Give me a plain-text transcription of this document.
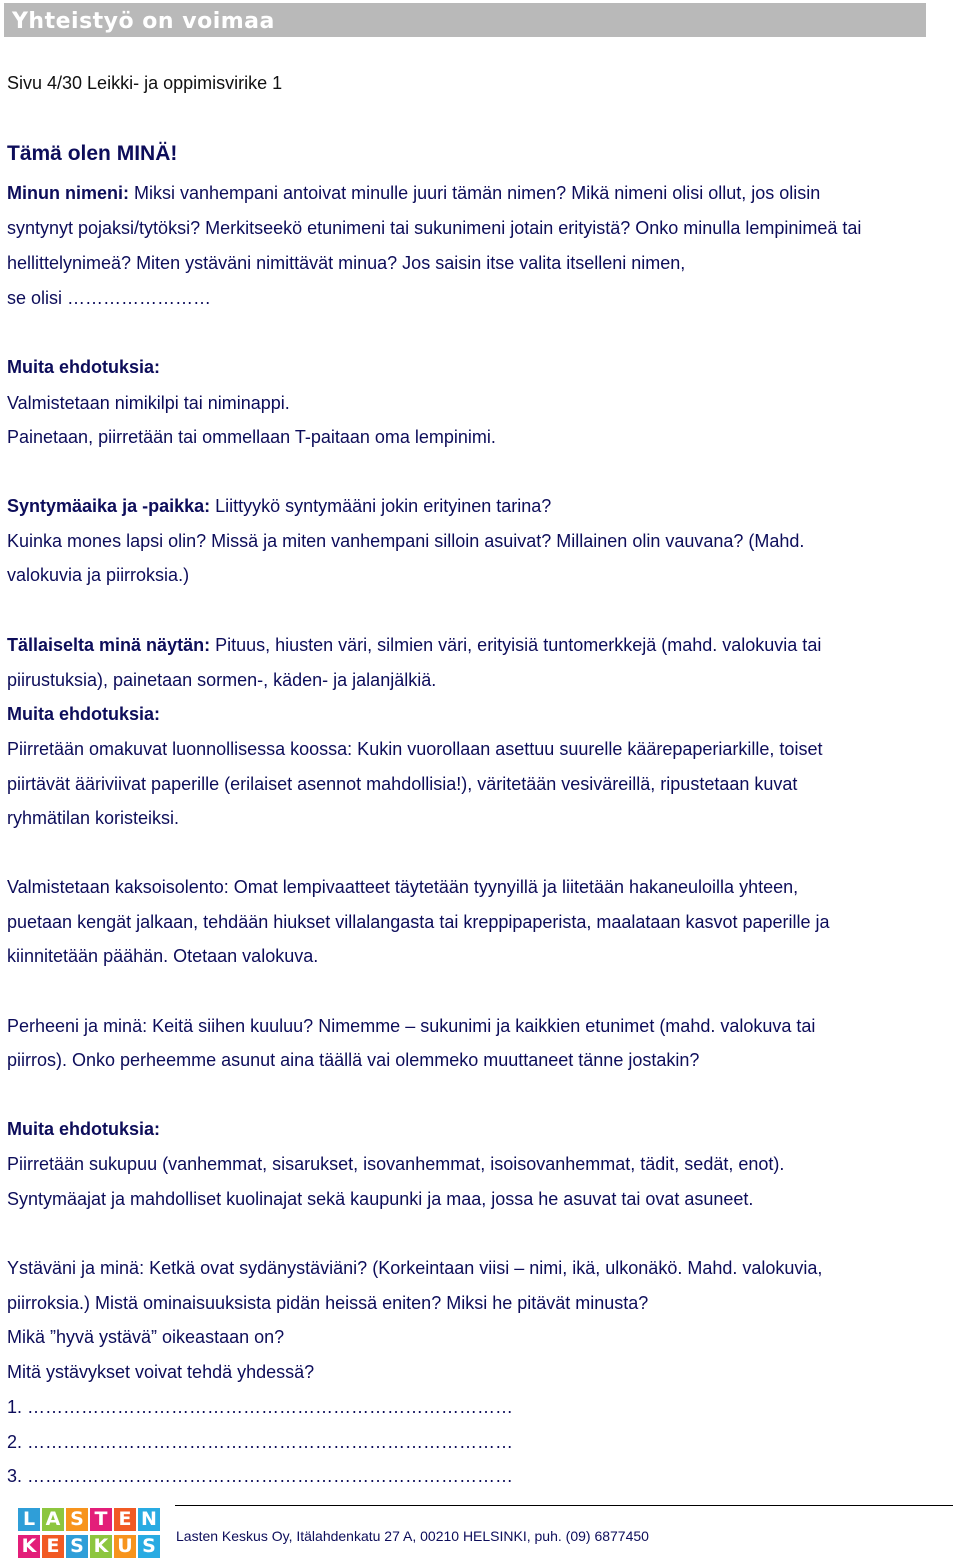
Yhteistyö on voimaa
Sivu 4/30 Leikki- ja oppimisvirike 1
Tämä olen MINÄ!
Minun nimeni: Miksi vanhempani antoivat minulle juuri tämän nimen? Mikä nimeni olisi ollut, jos olisin
syntynyt pojaksi/tytöksi? Merkitseekö etunimeni tai sukunimeni jotain erityistä? Onko minulla lempinimeä tai
hellittelynimeä? Miten ystäväni nimittävät minua? Jos saisin itse valita itselleni nimen,
se olisi ……………………
Muita ehdotuksia:
Valmistetaan nimikilpi tai niminappi.
Painetaan, piirretään tai ommellaan T-paitaan oma lempinimi.
Syntymäaika ja -paikka: Liittyykö syntymääni jokin erityinen tarina?
Kuinka mones lapsi olin? Missä ja miten vanhempani silloin asuivat? Millainen olin vauvana? (Mahd.
valokuvia ja piirroksia.)
Tällaiselta minä näytän: Pituus, hiusten väri, silmien väri, erityisiä tuntomerkkejä (mahd. valokuvia tai
piirustuksia), painetaan sormen-, käden- ja jalanjälkiä.
Muita ehdotuksia:
Piirretään omakuvat luonnollisessa koossa: Kukin vuorollaan asettuu suurelle käärepaperiarkille, toiset
piirtävät ääriviivat paperille (erilaiset asennot mahdollisia!), väritetään vesiväreillä, ripustetaan kuvat
ryhmätilan koristeiksi.
Valmistetaan kaksoisolento: Omat lempivaatteet täytetään tyynyillä ja liitetään hakaneuloilla yhteen,
puetaan kengät jalkaan, tehdään hiukset villalangasta tai kreppipaperista, maalataan kasvot paperille ja
kiinnitetään päähän. Otetaan valokuva.
Perheeni ja minä: Keitä siihen kuuluu? Nimemme – sukunimi ja kaikkien etunimet (mahd. valokuva tai
piirros). Onko perheemme asunut aina täällä vai olemmeko muuttaneet tänne jostakin?
Muita ehdotuksia:
Piirretään sukupuu (vanhemmat, sisarukset, isovanhemmat, isoisovanhemmat, tädit, sedät, enot).
Syntymäajat ja mahdolliset kuolinajat sekä kaupunki ja maa, jossa he asuvat tai ovat asuneet.
Ystäväni ja minä: Ketkä ovat sydänystäviäni? (Korkeintaan viisi – nimi, ikä, ulkonäkö. Mahd. valokuvia,
piirroksia.) Mistä ominaisuuksista pidän heissä eniten? Miksi he pitävät minusta?
Mikä ”hyvä ystävä” oikeastaan on?
Mitä ystävykset voivat tehdä yhdessä?
1. ………………………………………………………………………
2. ………………………………………………………………………
3. ………………………………………………………………………
L A S T E N
K E S K U S Lasten Keskus Oy, Itälahdenkatu 27 A, 00210 HELSINKI, puh. (09) 6877450
